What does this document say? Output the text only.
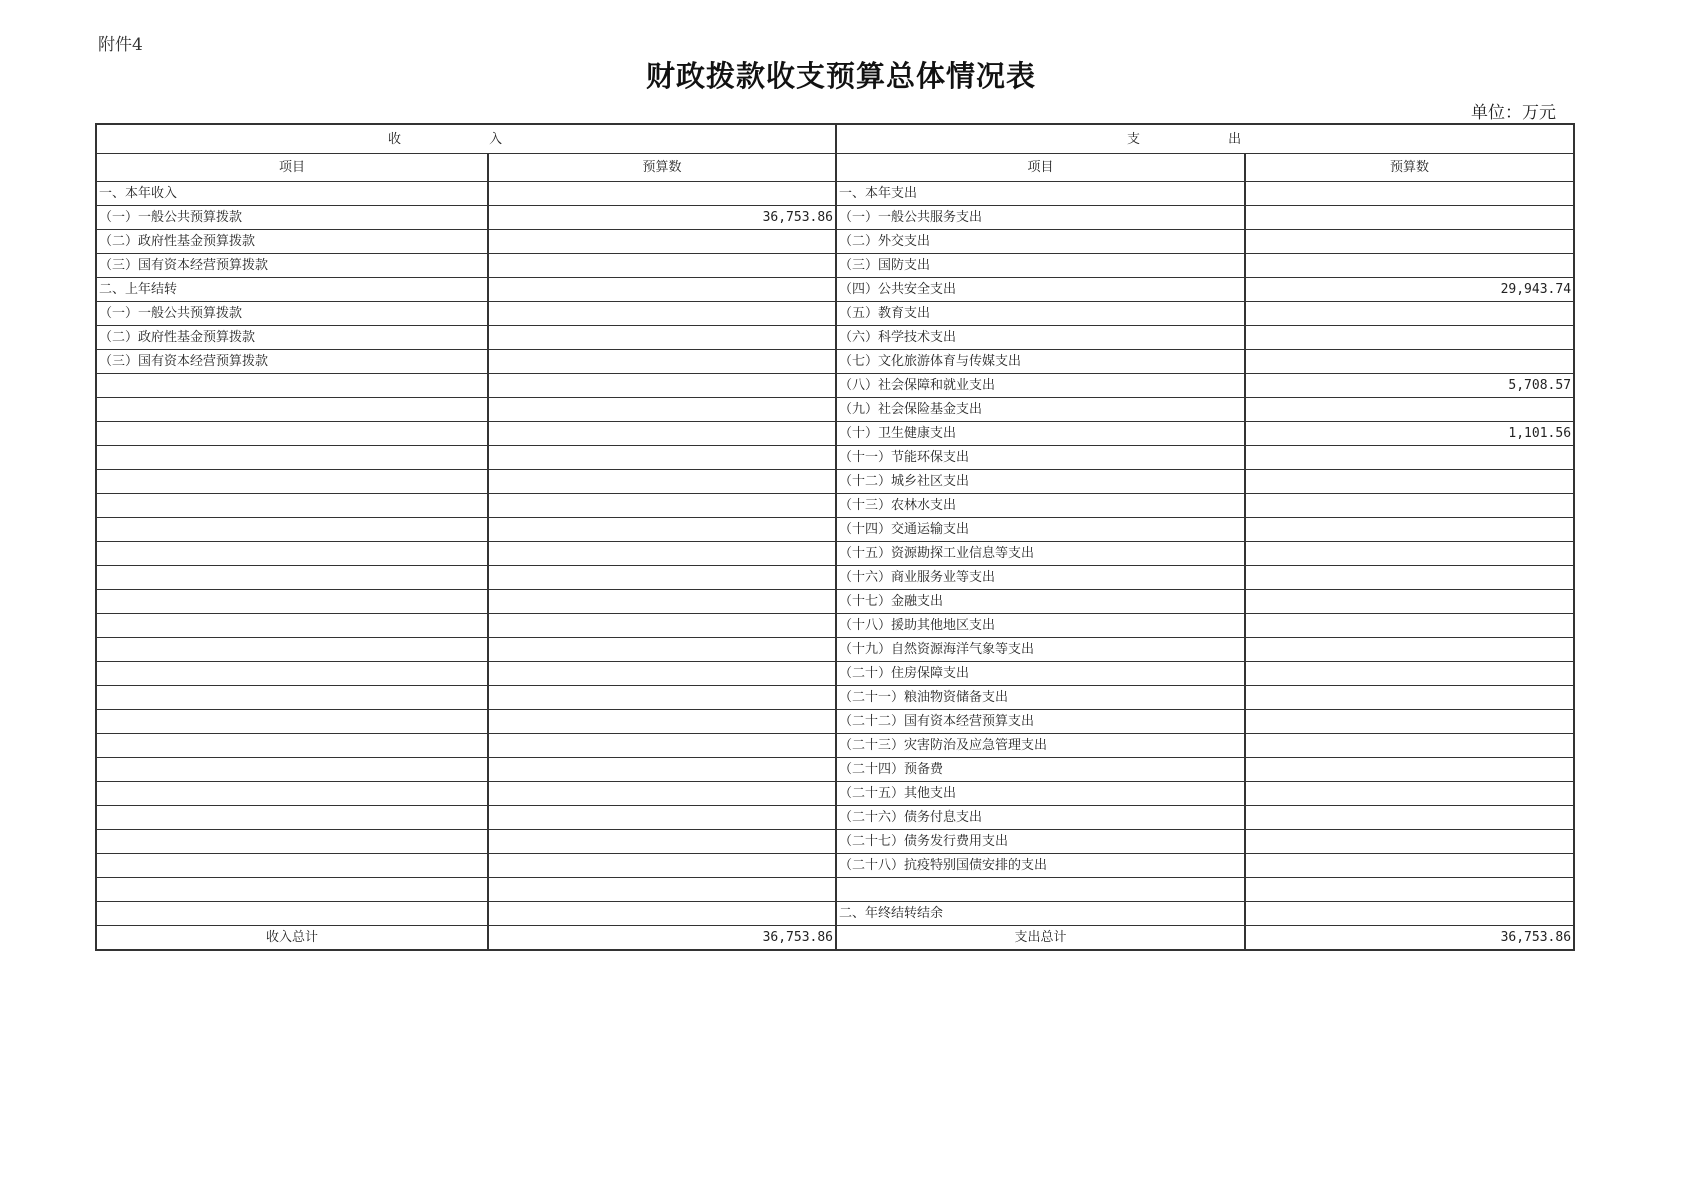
附件4
财政拨款收支预算总体情况表
单位：万元
收 入		支 出	
项目	预算数	项目	预算数
一、本年收入		一、本年支出	
（一）一般公共预算拨款	36,753.86	（一）一般公共服务支出	
（二）政府性基金预算拨款		（二）外交支出	
（三）国有资本经营预算拨款		（三）国防支出	
二、上年结转		（四）公共安全支出	29,943.74
（一）一般公共预算拨款		（五）教育支出	
（二）政府性基金预算拨款		（六）科学技术支出	
（三）国有资本经营预算拨款		（七）文化旅游体育与传媒支出	
		（八）社会保障和就业支出	5,708.57
		（九）社会保险基金支出	
		（十）卫生健康支出	1,101.56
		（十一）节能环保支出	
		（十二）城乡社区支出	
		（十三）农林水支出	
		（十四）交通运输支出	
		（十五）资源勘探工业信息等支出	
		（十六）商业服务业等支出	
		（十七）金融支出	
		（十八）援助其他地区支出	
		（十九）自然资源海洋气象等支出	
		（二十）住房保障支出	
		（二十一）粮油物资储备支出	
		（二十二）国有资本经营预算支出	
		（二十三）灾害防治及应急管理支出	
		（二十四）预备费	
		（二十五）其他支出	
		（二十六）债务付息支出	
		（二十七）债务发行费用支出	
		（二十八）抗疫特别国债安排的支出	

		二、年终结转结余	
收入总计	36,753.86	支出总计	36,753.86
